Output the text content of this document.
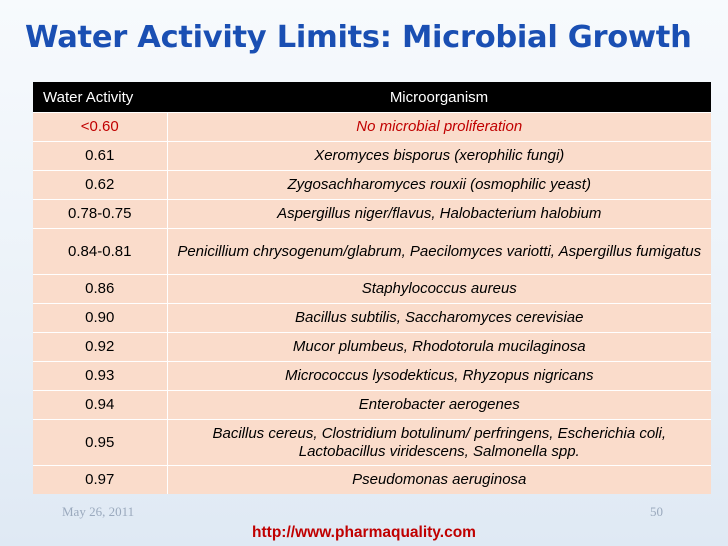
Water Activity Limits: Microbial Growth
Water Activity	Microorganism
<0.60	No microbial proliferation
0.61	Xeromyces bisporus (xerophilic fungi)
0.62	Zygosachharomyces rouxii (osmophilic yeast)
0.78-0.75	Aspergillus niger/flavus, Halobacterium halobium
0.84-0.81	Penicillium chrysogenum/glabrum, Paecilomyces variotti, Aspergillus fumigatus
0.86	Staphylococcus aureus
0.90	Bacillus subtilis, Saccharomyces cerevisiae
0.92	Mucor plumbeus, Rhodotorula mucilaginosa
0.93	Micrococcus lysodekticus, Rhyzopus nigricans
0.94	Enterobacter aerogenes
0.95	Bacillus cereus, Clostridium botulinum/ perfringens, Escherichia coli, Lactobacillus viridescens, Salmonella spp.
0.97	Pseudomonas aeruginosa
May 26, 2011	50
http://www.pharmaquality.com
